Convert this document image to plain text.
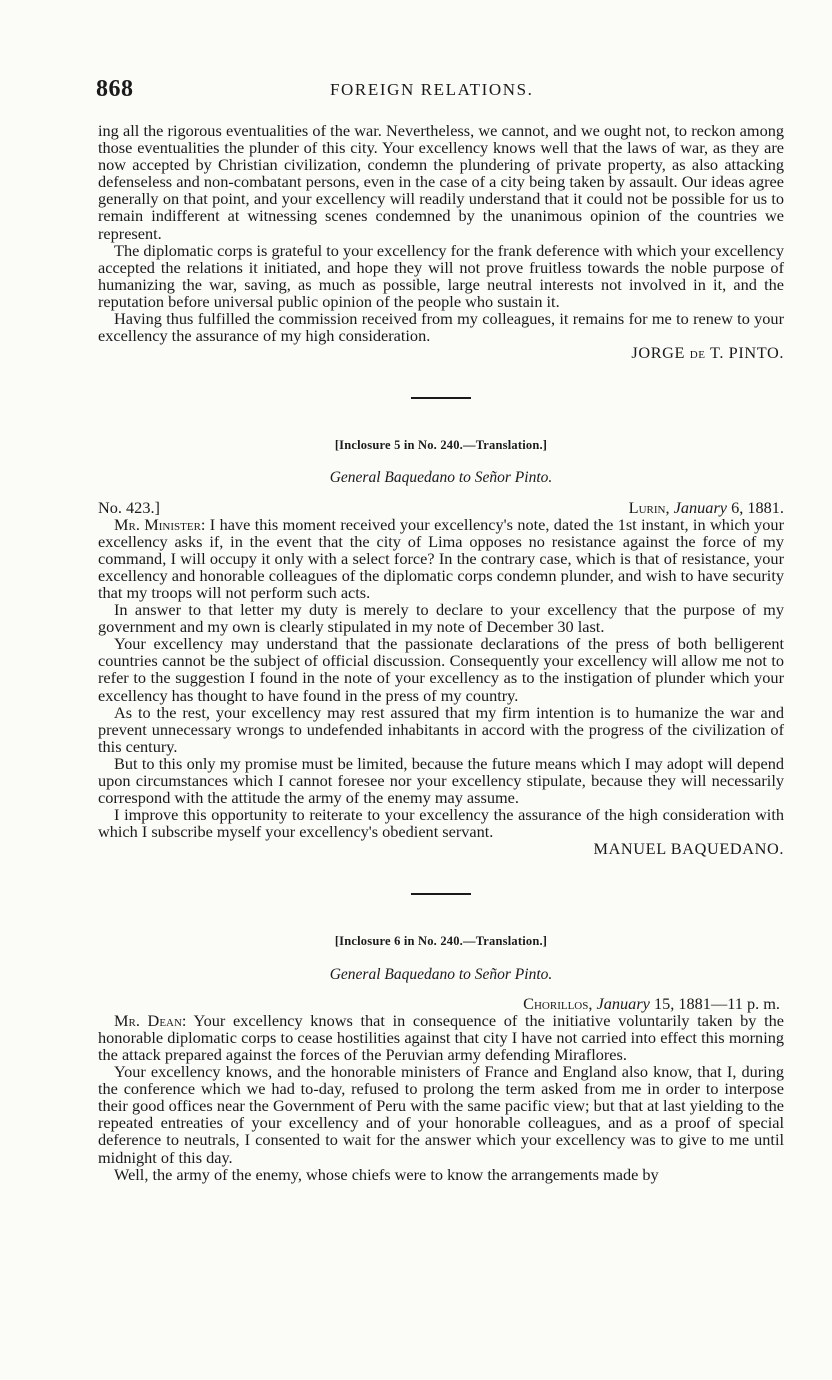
868	FOREIGN RELATIONS.

ing all the rigorous eventualities of the war. Nevertheless, we cannot, and we ought not, to reckon among those eventualities the plunder of this city. Your excellency knows well that the laws of war, as they are now accepted by Christian civilization, condemn the plundering of private property, as also attacking defenseless and non-combatant persons, even in the case of a city being taken by assault. Our ideas agree generally on that point, and your excellency will readily understand that it could not be possible for us to remain indifferent at witnessing scenes condemned by the unanimous opinion of the countries we represent.

The diplomatic corps is grateful to your excellency for the frank deference with which your excellency accepted the relations it initiated, and hope they will not prove fruitless towards the noble purpose of humanizing the war, saving, as much as possible, large neutral interests not involved in it, and the reputation before universal public opinion of the people who sustain it.

Having thus fulfilled the commission received from my colleagues, it remains for me to renew to your excellency the assurance of my high consideration.

JORGE de T. PINTO.

[Inclosure 5 in No. 240.—Translation.]
General Baquedano to Señor Pinto.
No. 423.]	Lurin, January 6, 1881.

Mr. Minister: I have this moment received your excellency's note, dated the 1st instant, in which your excellency asks if, in the event that the city of Lima opposes no resistance against the force of my command, I will occupy it only with a select force? In the contrary case, which is that of resistance, your excellency and honorable colleagues of the diplomatic corps condemn plunder, and wish to have security that my troops will not perform such acts.

In answer to that letter my duty is merely to declare to your excellency that the purpose of my government and my own is clearly stipulated in my note of December 30 last.

Your excellency may understand that the passionate declarations of the press of both belligerent countries cannot be the subject of official discussion. Consequently your excellency will allow me not to refer to the suggestion I found in the note of your excellency as to the instigation of plunder which your excellency has thought to have found in the press of my country.

As to the rest, your excellency may rest assured that my firm intention is to humanize the war and prevent unnecessary wrongs to undefended inhabitants in accord with the progress of the civilization of this century.

But to this only my promise must be limited, because the future means which I may adopt will depend upon circumstances which I cannot foresee nor your excellency stipulate, because they will necessarily correspond with the attitude the army of the enemy may assume.

I improve this opportunity to reiterate to your excellency the assurance of the high consideration with which I subscribe myself your excellency's obedient servant.

MANUEL BAQUEDANO.

[Inclosure 6 in No. 240.—Translation.]
General Baquedano to Señor Pinto.
Chorillos, January 15, 1881—11 p. m.

Mr. Dean: Your excellency knows that in consequence of the initiative voluntarily taken by the honorable diplomatic corps to cease hostilities against that city I have not carried into effect this morning the attack prepared against the forces of the Peruvian army defending Miraflores.

Your excellency knows, and the honorable ministers of France and England also know, that I, during the conference which we had to-day, refused to prolong the term asked from me in order to interpose their good offices near the Government of Peru with the same pacific view; but that at last yielding to the repeated entreaties of your excellency and of your honorable colleagues, and as a proof of special deference to neutrals, I consented to wait for the answer which your excellency was to give to me until midnight of this day.

Well, the army of the enemy, whose chiefs were to know the arrangements made by
